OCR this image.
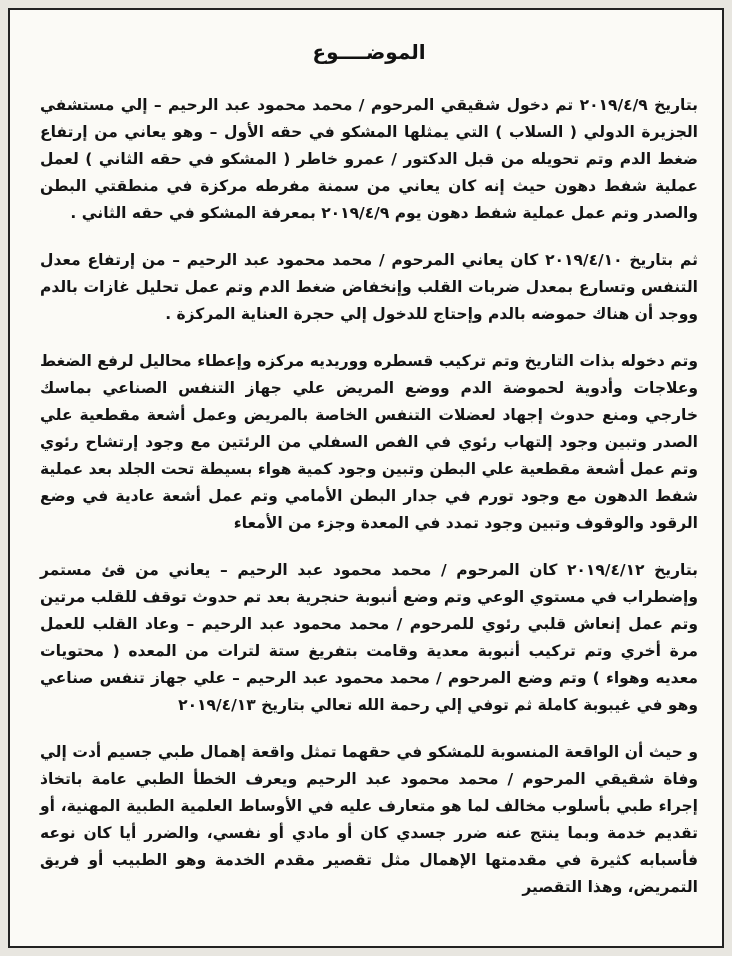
الموضــــوع

بتاريخ ٢٠١٩/٤/٩ تم دخول شقيقي المرحوم / محمد محمود عبد الرحيم – إلي مستشفي الجزيرة الدولي ( السلاب ) التي يمثلها المشكو في حقه الأول – وهو يعاني من إرتفاع ضغط الدم وتم تحويله من قبل الدكتور / عمرو خاطر ( المشكو في حقه الثاني ) لعمل عملية شفط دهون حيث إنه كان يعاني من سمنة مفرطه مركزة في منطقتي البطن والصدر وتم عمل عملية شفط دهون يوم ٢٠١٩/٤/٩ بمعرفة المشكو في حقه الثاني .

ثم بتاريخ ٢٠١٩/٤/١٠ كان يعاني المرحوم / محمد محمود عبد الرحيم – من إرتفاع معدل التنفس وتسارع بمعدل ضربات القلب وإنخفاض ضغط الدم وتم عمل تحليل غازات بالدم ووجد أن هناك حموضه بالدم وإحتاج للدخول إلي حجرة العناية المركزة .

وتم دخوله بذات التاريخ وتم تركيب قسطره ووريديه مركزه وإعطاء محاليل لرفع الضغط وعلاجات وأدوية لحموضة الدم ووضع المريض علي جهاز التنفس الصناعي بماسك خارجي ومنع حدوث إجهاد لعضلات التنفس الخاصة بالمريض وعمل أشعة مقطعية علي الصدر وتبين وجود إلتهاب رئوي في الفص السفلي من الرئتين مع وجود إرتشاح رئوي وتم عمل أشعة مقطعية علي البطن وتبين وجود كمية هواء بسيطة تحت الجلد بعد عملية شفط الدهون مع وجود تورم في جدار البطن الأمامي وتم عمل أشعة عادية في وضع الرقود والوقوف وتبين وجود تمدد في المعدة وجزء من الأمعاء

بتاريخ ٢٠١٩/٤/١٢ كان المرحوم / محمد محمود عبد الرحيم – يعاني من قئ مستمر وإضطراب في مستوي الوعي وتم وضع أنبوبة حنجرية بعد تم حدوث توقف للقلب مرتين وتم عمل إنعاش قلبي رئوي للمرحوم / محمد محمود عبد الرحيم – وعاد القلب للعمل مرة أخري وتم تركيب أنبوبة معدية وقامت بتفريغ ستة لترات من المعده ( محتويات معديه وهواء ) وتم وضع المرحوم / محمد محمود عبد الرحيم – علي جهاز تنفس صناعي وهو في غيبوبة كاملة ثم توفي إلي رحمة الله تعالي بتاريخ ٢٠١٩/٤/١٣

و حيث أن الواقعة المنسوبة للمشكو في حقهما تمثل واقعة إهمال طبي جسيم أدت إلي وفاة شقيقي المرحوم / محمد محمود عبد الرحيم ويعرف الخطأ الطبي عامة باتخاذ إجراء طبي بأسلوب مخالف لما هو متعارف عليه في الأوساط العلمية الطبية المهنية، أو تقديم خدمة وبما ينتج عنه ضرر جسدي كان أو مادي أو نفسي، والضرر أيا كان نوعه فأسبابه كثيرة في مقدمتها الإهمال مثل تقصير مقدم الخدمة وهو الطبيب أو فريق التمريض، وهذا التقصير
